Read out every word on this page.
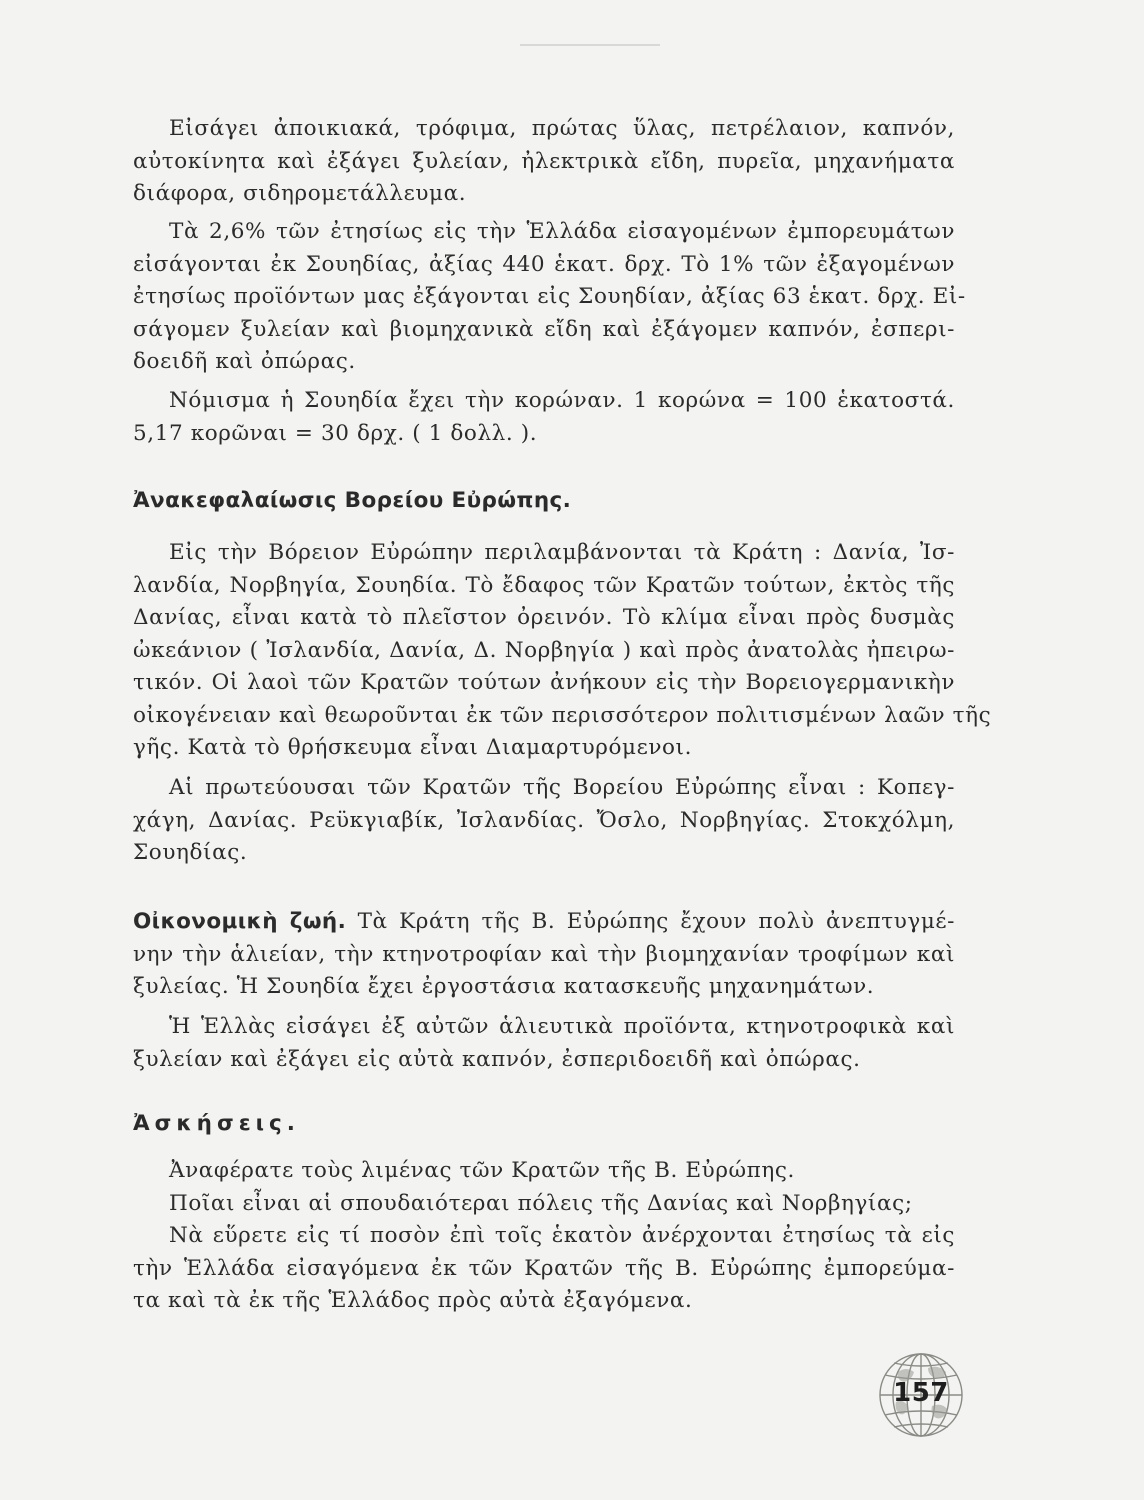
Εἰσάγει ἀποικιακά, τρόφιμα, πρώτας ὕλας, πετρέλαιον, καπνόν,
αὐτοκίνητα καὶ ἐξάγει ξυλείαν, ἠλεκτρικὰ εἴδη, πυρεῖα, μηχανήματα
διάφορα, σιδηρομετάλλευμα.
Τὰ 2,6% τῶν ἐτησίως εἰς τὴν Ἑλλάδα εἰσαγομένων ἐμπορευμάτων
εἰσάγονται ἐκ Σουηδίας, ἀξίας 440 ἑκατ. δρχ. Τὸ 1% τῶν ἐξαγομένων
ἐτησίως προϊόντων μας ἐξάγονται εἰς Σουηδίαν, ἀξίας 63 ἑκατ. δρχ. Εἰ-
σάγομεν ξυλείαν καὶ βιομηχανικὰ εἴδη καὶ ἐξάγομεν καπνόν, ἐσπερι-
δοειδῆ καὶ ὀπώρας.
Νόμισμα ἡ Σουηδία ἔχει τὴν κορώναν. 1 κορώνα = 100 ἑκατοστά.
5,17 κορῶναι = 30 δρχ. ( 1 δολλ. ).
Ἀνακεφαλαίωσις Βορείου Εὐρώπης.
Εἰς τὴν Βόρειον Εὐρώπην περιλαμβάνονται τὰ Κράτη : Δανία, Ἰσ-
λανδία, Νορβηγία, Σουηδία. Τὸ ἔδαφος τῶν Κρατῶν τούτων, ἐκτὸς τῆς
Δανίας, εἶναι κατὰ τὸ πλεῖστον ὀρεινόν. Τὸ κλίμα εἶναι πρὸς δυσμὰς
ὠκεάνιον ( Ἰσλανδία, Δανία, Δ. Νορβηγία ) καὶ πρὸς ἀνατολὰς ἠπειρω-
τικόν. Οἱ λαοὶ τῶν Κρατῶν τούτων ἀνήκουν εἰς τὴν Βορειογερμανικὴν
οἰκογένειαν καὶ θεωροῦνται ἐκ τῶν περισσότερον πολιτισμένων λαῶν τῆς
γῆς. Κατὰ τὸ θρήσκευμα εἶναι Διαμαρτυρόμενοι.
Αἱ πρωτεύουσαι τῶν Κρατῶν τῆς Βορείου Εὐρώπης εἶναι : Κοπεγ-
χάγη, Δανίας. Ρεϋκγιαβίκ, Ἰσλανδίας. Ὄσλο, Νορβηγίας. Στοκχόλμη,
Σουηδίας.
Οἰκονομικὴ ζωή. Τὰ Κράτη τῆς Β. Εὐρώπης ἔχουν πολὺ ἀνεπτυγμέ-
νην τὴν ἁλιείαν, τὴν κτηνοτροφίαν καὶ τὴν βιομηχανίαν τροφίμων καὶ
ξυλείας. Ἡ Σουηδία ἔχει ἐργοστάσια κατασκευῆς μηχανημάτων.
Ἡ Ἑλλὰς εἰσάγει ἐξ αὐτῶν ἁλιευτικὰ προϊόντα, κτηνοτροφικὰ καὶ
ξυλείαν καὶ ἐξάγει εἰς αὐτὰ καπνόν, ἐσπεριδοειδῆ καὶ ὀπώρας.
Ἀσκήσεις.
Ἀναφέρατε τοὺς λιμένας τῶν Κρατῶν τῆς Β. Εὐρώπης.
Ποῖαι εἶναι αἱ σπουδαιότεραι πόλεις τῆς Δανίας καὶ Νορβηγίας;
Νὰ εὕρετε εἰς τί ποσὸν ἐπὶ τοῖς ἑκατὸν ἀνέρχονται ἐτησίως τὰ εἰς
τὴν Ἑλλάδα εἰσαγόμενα ἐκ τῶν Κρατῶν τῆς Β. Εὐρώπης ἐμπορεύμα-
τα καὶ τὰ ἐκ τῆς Ἑλλάδος πρὸς αὐτὰ ἐξαγόμενα.
157
